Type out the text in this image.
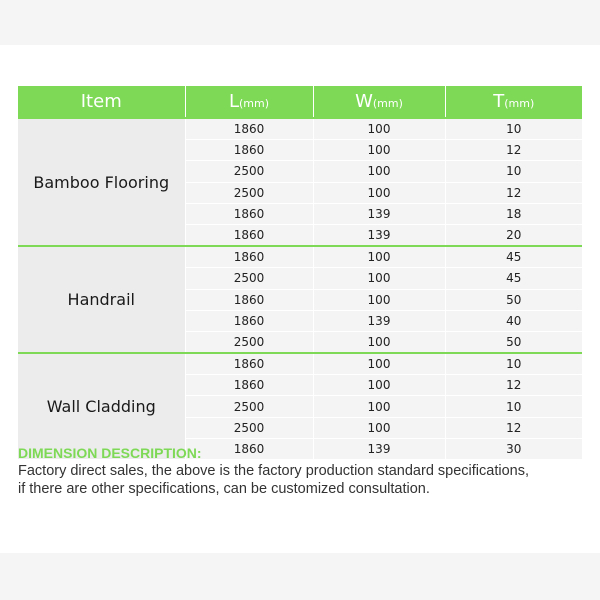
Item	L(mm)	W(mm)	T(mm)
Bamboo Flooring	1860	100	10
	1860	100	12
	2500	100	10
	2500	100	12
	1860	139	18
	1860	139	20
Handrail	1860	100	45
	2500	100	45
	1860	100	50
	1860	139	40
	2500	100	50
Wall Cladding	1860	100	10
	1860	100	12
	2500	100	10
	2500	100	12
	1860	139	30
DIMENSION DESCRIPTION:
Factory direct sales, the above is the factory production standard specifications,
if there are other specifications, can be customized consultation.
